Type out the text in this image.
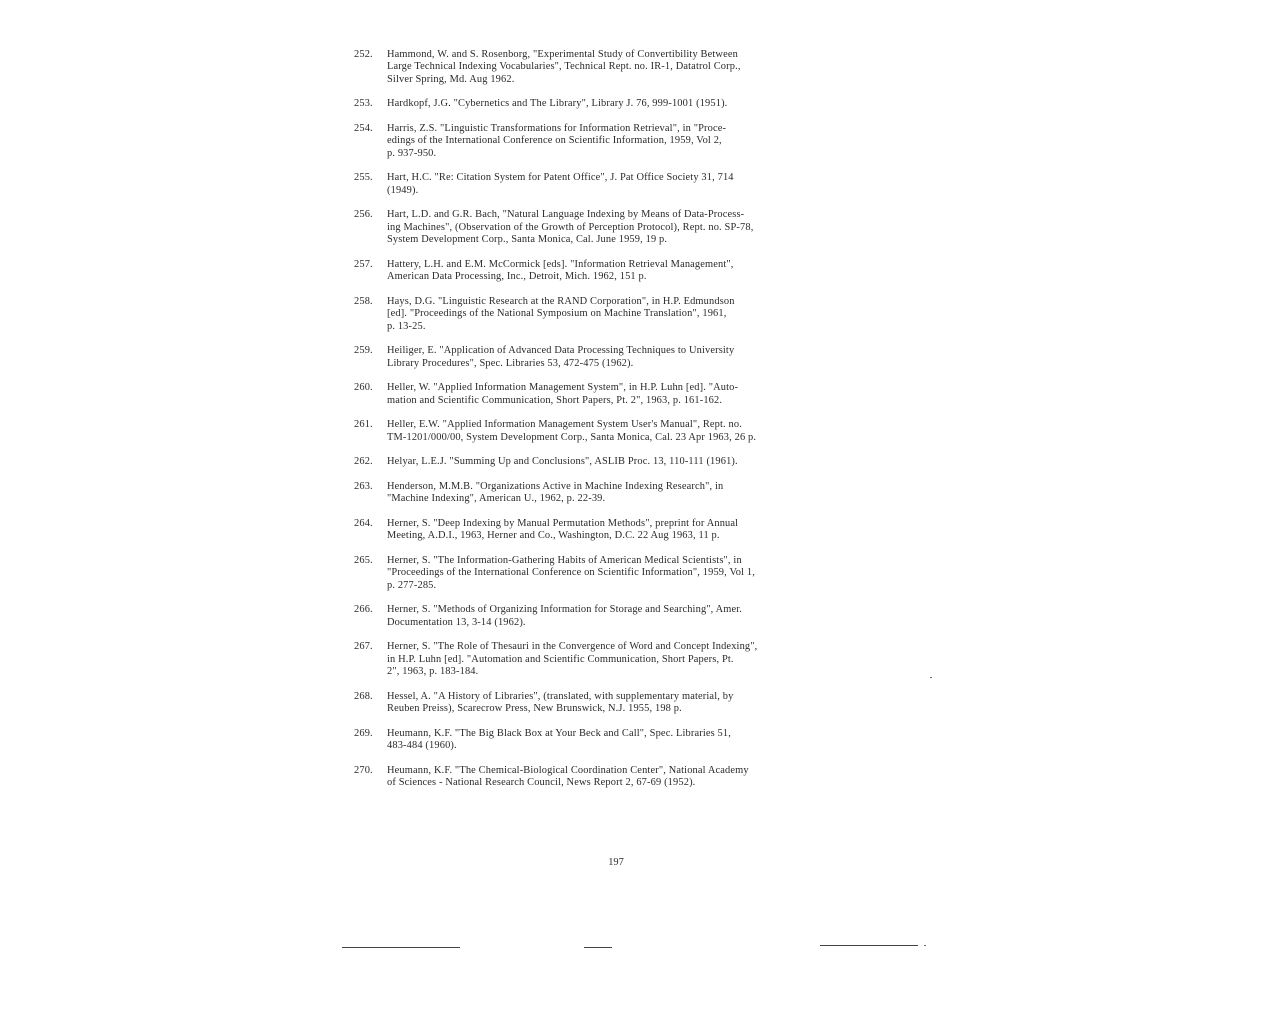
252.	Hammond, W. and S. Rosenborg, "Experimental Study of Convertibility Between
Large Technical Indexing Vocabularies", Technical Rept. no. IR-1, Datatrol Corp.,
Silver Spring, Md. Aug 1962.
253.	Hardkopf, J.G. "Cybernetics and The Library", Library J. 76, 999-1001 (1951).
254.	Harris, Z.S. "Linguistic Transformations for Information Retrieval", in "Proce-
edings of the International Conference on Scientific Information, 1959, Vol 2,
p. 937-950.
255.	Hart, H.C. "Re: Citation System for Patent Office", J. Pat Office Society 31, 714
(1949).
256.	Hart, L.D. and G.R. Bach, "Natural Language Indexing by Means of Data-Process-
ing Machines", (Observation of the Growth of Perception Protocol), Rept. no. SP-78,
System Development Corp., Santa Monica, Cal. June 1959, 19 p.
257.	Hattery, L.H. and E.M. McCormick [eds]. "Information Retrieval Management",
American Data Processing, Inc., Detroit, Mich. 1962, 151 p.
258.	Hays, D.G. "Linguistic Research at the RAND Corporation", in H.P. Edmundson
[ed]. "Proceedings of the National Symposium on Machine Translation", 1961,
p. 13-25.
259.	Heiliger, E. "Application of Advanced Data Processing Techniques to University
Library Procedures", Spec. Libraries 53, 472-475 (1962).
260.	Heller, W. "Applied Information Management System", in H.P. Luhn [ed]. "Auto-
mation and Scientific Communication, Short Papers, Pt. 2", 1963, p. 161-162.
261.	Heller, E.W. "Applied Information Management System User's Manual", Rept. no.
TM-1201/000/00, System Development Corp., Santa Monica, Cal. 23 Apr 1963, 26 p.
262.	Helyar, L.E.J. "Summing Up and Conclusions", ASLIB Proc. 13, 110-111 (1961).
263.	Henderson, M.M.B. "Organizations Active in Machine Indexing Research", in
"Machine Indexing", American U., 1962, p. 22-39.
264.	Herner, S. "Deep Indexing by Manual Permutation Methods", preprint for Annual
Meeting, A.D.I., 1963, Herner and Co., Washington, D.C. 22 Aug 1963, 11 p.
265.	Herner, S. "The Information-Gathering Habits of American Medical Scientists", in
"Proceedings of the International Conference on Scientific Information", 1959, Vol 1,
p. 277-285.
266.	Herner, S. "Methods of Organizing Information for Storage and Searching", Amer.
Documentation 13, 3-14 (1962).
267.	Herner, S. "The Role of Thesauri in the Convergence of Word and Concept Indexing",
in H.P. Luhn [ed]. "Automation and Scientific Communication, Short Papers, Pt.
2", 1963, p. 183-184.
268.	Hessel, A. "A History of Libraries", (translated, with supplementary material, by
Reuben Preiss), Scarecrow Press, New Brunswick, N.J. 1955, 198 p.
269.	Heumann, K.F. "The Big Black Box at Your Beck and Call", Spec. Libraries 51,
483-484 (1960).
270.	Heumann, K.F. "The Chemical-Biological Coordination Center", National Academy
of Sciences - National Research Council, News Report 2, 67-69 (1952).
197
